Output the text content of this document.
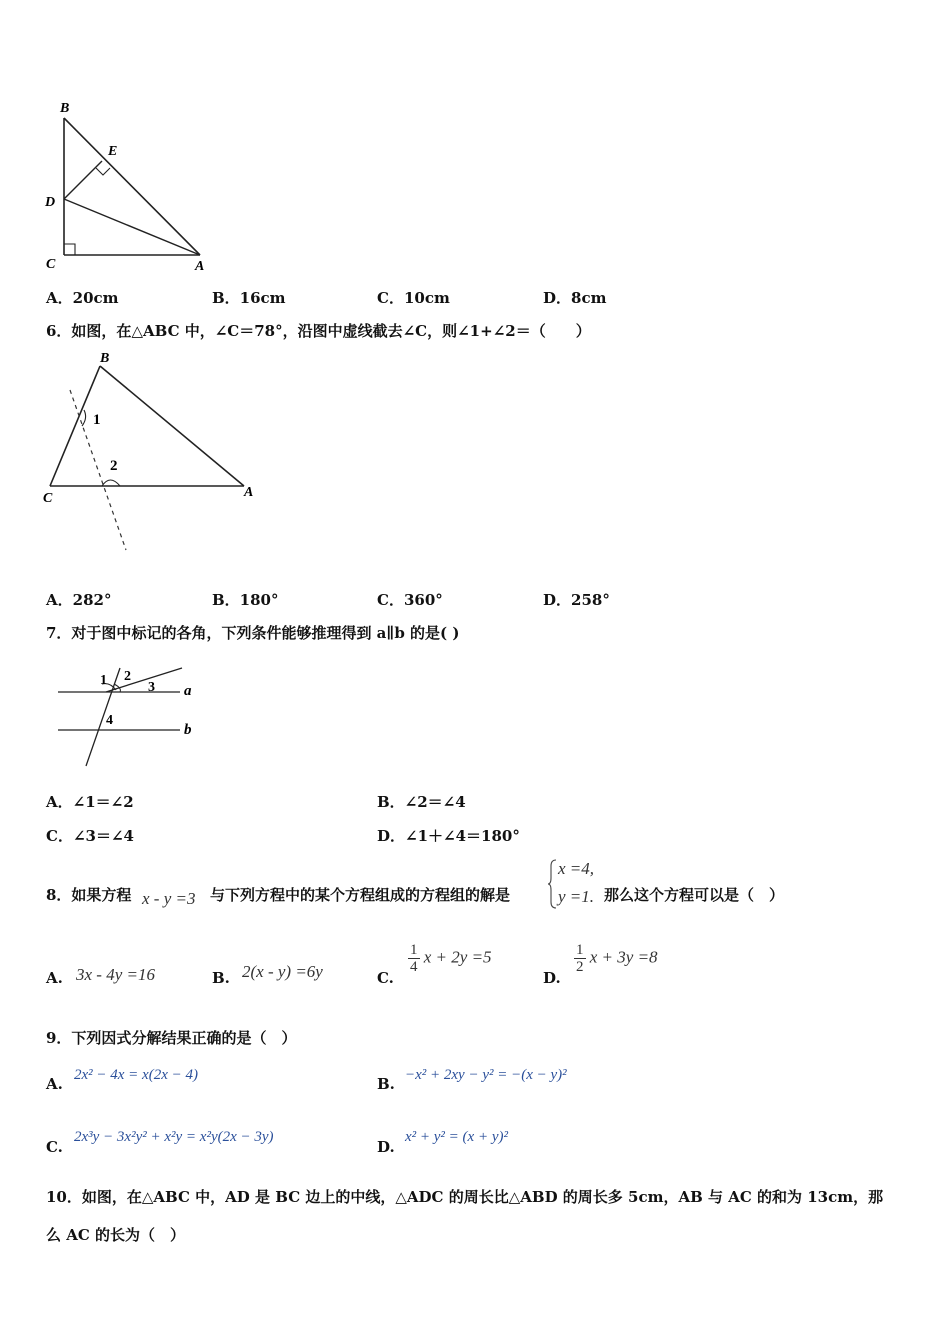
B
E
D
C	A
A．20cm	B．16cm	C．10cm	D．8cm
6．如图，在△ABC 中，∠C＝78°，沿图中虚线截去∠C，则∠1+∠2＝（　　）
B
1
2
C	A
A．282°	B．180°	C．360°	D．258°
7．对于图中标记的各角，下列条件能够推理得到 a∥b 的是( )
1 2
3
4
a
b
A．∠1＝∠2	B．∠2＝∠4
C．∠3＝∠4	D．∠1＋∠4＝180°
8．如果方程 x - y =3 与下列方程中的某个方程组成的方程组的解是
x =4,
y =1. 那么这个方程可以是（　）
A. 3x - 4y =16	B. 2(x - y) =6y	C.
$\frac{1}{4}$ x + 2y =5
D.
$\frac{1}{2}$ x + 3y =8
9．下列因式分解结果正确的是（　）
A. 2x² − 4x = x(2x − 4)	B. −x² + 2xy − y² = −(x − y)²
C.
2x³y − 3x²y² + x²y = x²y(2x − 3y)
D.
x² + y² = (x + y)²
10．如图，在△ABC 中，AD 是 BC 边上的中线，△ADC 的周长比△ABD 的周长多 5cm，AB 与 AC 的和为 13cm，那
么 AC 的长为（　）
